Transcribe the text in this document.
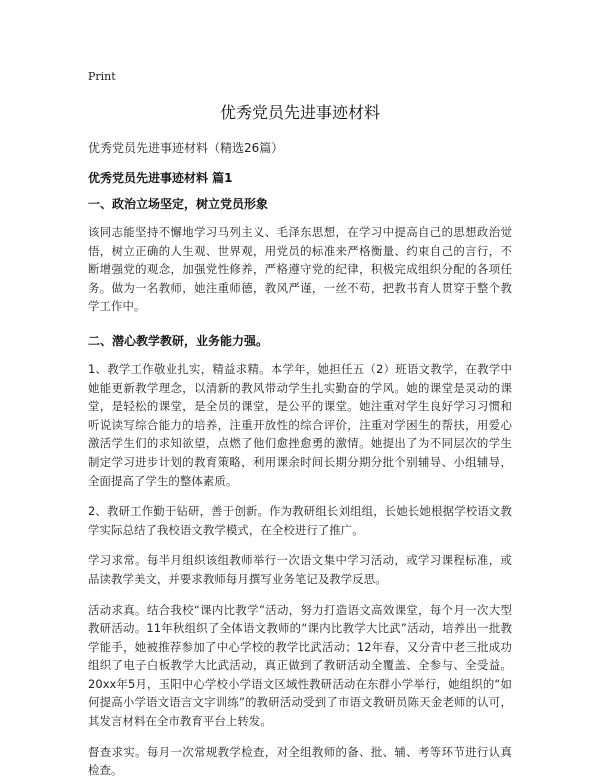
Print
优秀党员先进事迹材料

优秀党员先进事迹材料（精选26篇）

优秀党员先进事迹材料 篇1

一、政治立场坚定，树立党员形象

该同志能坚持不懈地学习马列主义、毛泽东思想，在学习中提高自己的思想政治觉悟，树立正确的人生观、世界观，用党员的标准来严格衡量、约束自己的言行，不断增强党的观念，加强党性修养，严格遵守党的纪律，积极完成组织分配的各项任务。做为一名教师，她注重师德，教风严谨，一丝不苟，把教书育人贯穿于整个教学工作中。

二、潜心教学教研，业务能力强。

1、教学工作敬业扎实，精益求精。本学年，她担任五（2）班语文教学，在教学中她能更新教学理念，以清新的教风带动学生扎实勤奋的学风。她的课堂是灵动的课堂，是轻松的课堂，是全员的课堂，是公平的课堂。她注重对学生良好学习习惯和听说读写综合能力的培养，注重开放性的综合评价，注重对学困生的帮扶，用爱心激活学生们的求知欲望，点燃了他们愈挫愈勇的激情。她提出了为不同层次的学生制定学习进步计划的教育策略，利用课余时间长期分期分批个别辅导、小组辅导，全面提高了学生的整体素质。

2、教研工作勤于钻研，善于创新。作为教研组长刘组组，长她长她根据学校语文教学实际总结了我校语文教学模式，在全校进行了推广。

学习求常。每半月组织该组教师举行一次语文集中学习活动，或学习课程标准，或品读教学美文，并要求教师每月撰写业务笔记及教学反思。

活动求真。结合我校“课内比教学”活动，努力打造语文高效课堂，每个月一次大型教研活动。11年秋组织了全体语文教师的“课内比教学大比武”活动，培养出一批教学能手，她被推荐参加了中心学校的教学比武活动；12年春，又分青中老三批成功组织了电子白板教学大比武活动，真正做到了教研活动全覆盖、全参与、全受益。20xx年5月，玉阳中心学校小学语文区域性教研活动在东群小学举行，她组织的“如何提高小学语文语言文字训练”的教研活动受到了市语文教研员陈天金老师的认可，其发言材料在全市教育平台上转发。

督查求实。每月一次常规教学检查，对全组教师的备、批、辅、考等环节进行认真检查。
